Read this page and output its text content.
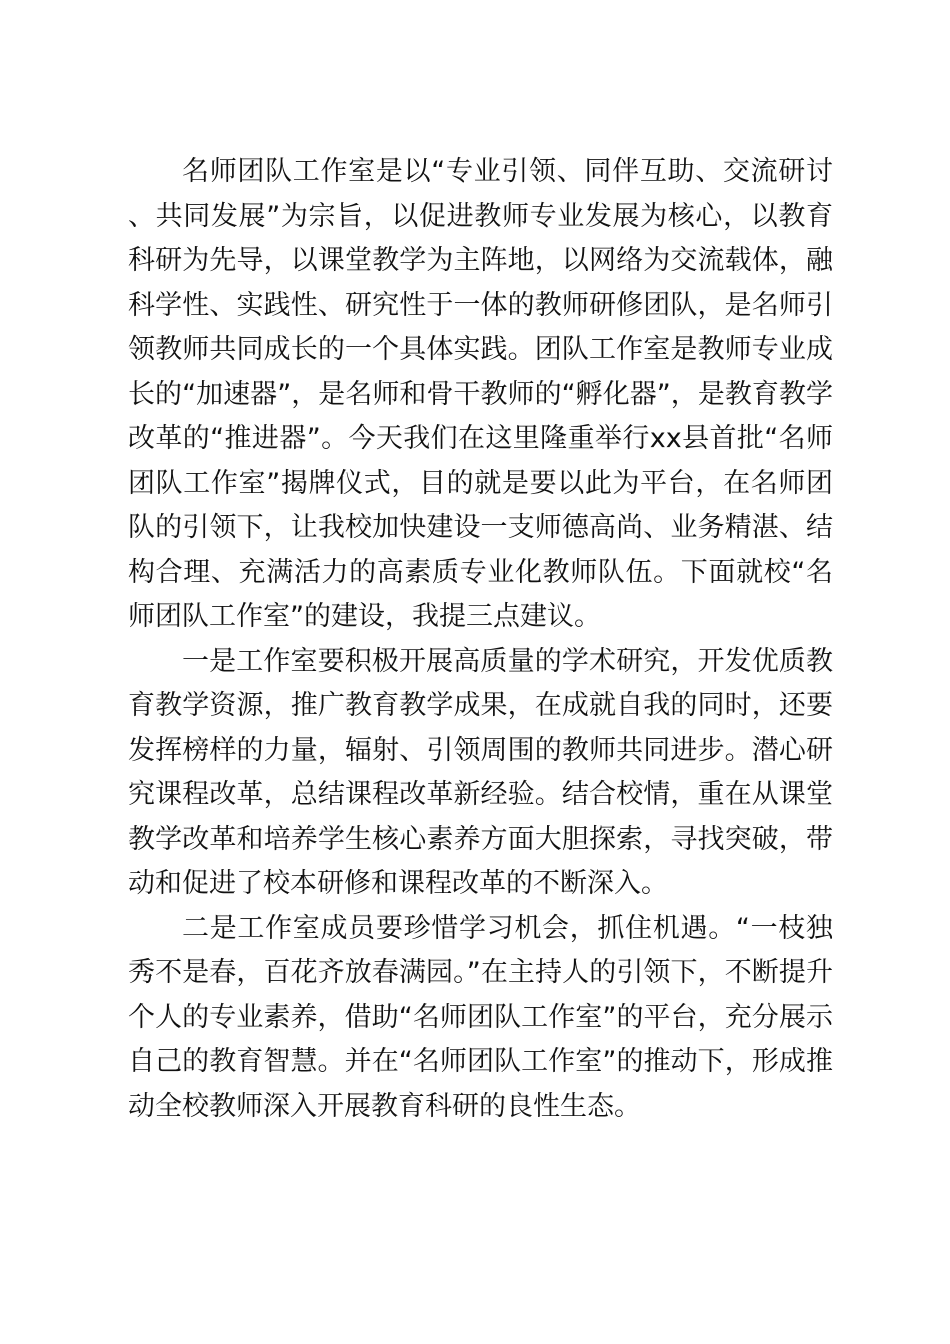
名师团队工作室是以“专业引领、同伴互助、交流研讨、共同发展”为宗旨，以促进教师专业发展为核心，以教育科研为先导，以课堂教学为主阵地，以网络为交流载体，融科学性、实践性、研究性于一体的教师研修团队，是名师引领教师共同成长的一个具体实践。团队工作室是教师专业成长的“加速器”，是名师和骨干教师的“孵化器”，是教育教学改革的“推进器”。今天我们在这里隆重举行xx县首批“名师团队工作室”揭牌仪式，目的就是要以此为平台，在名师团队的引领下，让我校加快建设一支师德高尚、业务精湛、结构合理、充满活力的高素质专业化教师队伍。下面就校“名师团队工作室”的建设，我提三点建议。

一是工作室要积极开展高质量的学术研究，开发优质教育教学资源，推广教育教学成果，在成就自我的同时，还要发挥榜样的力量，辐射、引领周围的教师共同进步。潜心研究课程改革，总结课程改革新经验。结合校情，重在从课堂教学改革和培养学生核心素养方面大胆探索，寻找突破，带动和促进了校本研修和课程改革的不断深入。

二是工作室成员要珍惜学习机会，抓住机遇。“一枝独秀不是春，百花齐放春满园。”在主持人的引领下，不断提升个人的专业素养，借助“名师团队工作室”的平台，充分展示自己的教育智慧。并在“名师团队工作室”的推动下，形成推动全校教师深入开展教育科研的良性生态。
